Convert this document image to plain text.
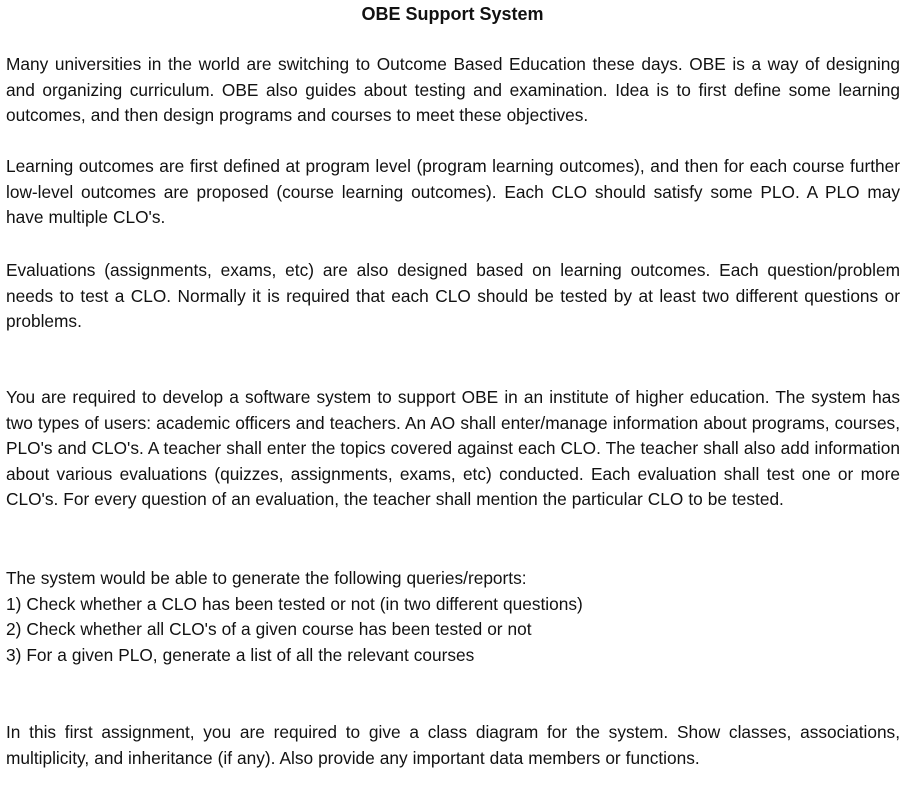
OBE Support System

Many universities in the world are switching to Outcome Based Education these days. OBE is a way of designing and organizing curriculum. OBE also guides about testing and examination. Idea is to first define some learning outcomes, and then design programs and courses to meet these objectives.

Learning outcomes are first defined at program level (program learning outcomes), and then for each course further low-level outcomes are proposed (course learning outcomes). Each CLO should satisfy some PLO. A PLO may have multiple CLO's.

Evaluations (assignments, exams, etc) are also designed based on learning outcomes. Each question/problem needs to test a CLO. Normally it is required that each CLO should be tested by at least two different questions or problems.

You are required to develop a software system to support OBE in an institute of higher education. The system has two types of users: academic officers and teachers. An AO shall enter/manage information about programs, courses, PLO's and CLO's. A teacher shall enter the topics covered against each CLO. The teacher shall also add information about various evaluations (quizzes, assignments, exams, etc) conducted. Each evaluation shall test one or more CLO's. For every question of an evaluation, the teacher shall mention the particular CLO to be tested.

The system would be able to generate the following queries/reports:
1) Check whether a CLO has been tested or not (in two different questions)
2) Check whether all CLO's of a given course has been tested or not
3) For a given PLO, generate a list of all the relevant courses

In this first assignment, you are required to give a class diagram for the system. Show classes, associations, multiplicity, and inheritance (if any). Also provide any important data members or functions.
